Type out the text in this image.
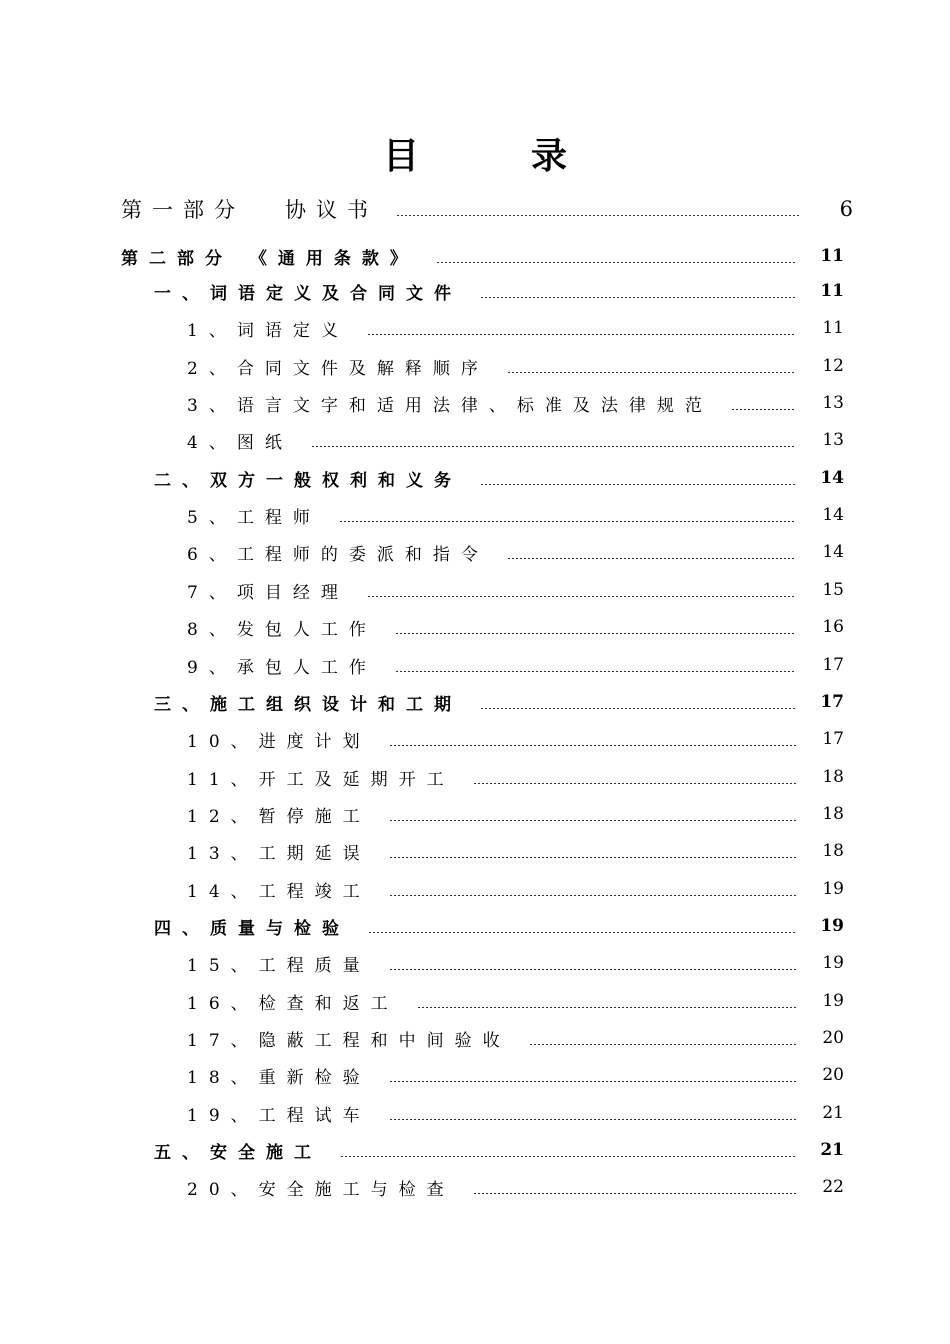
目	录
第一部分 协议书	6
第二部分 《通用条款》	11
一、词语定义及合同文件	11
1、词语定义	11
2、合同文件及解释顺序	12
3、语言文字和适用法律、标准及法律规范	13
4、图纸	13
二、双方一般权利和义务	14
5、工程师	14
6、工程师的委派和指令	14
7、项目经理	15
8、发包人工作	16
9、承包人工作	17
三、施工组织设计和工期	17
10、进度计划	17
11、开工及延期开工	18
12、暂停施工	18
13、工期延误	18
14、工程竣工	19
四、质量与检验	19
15、工程质量	19
16、检查和返工	19
17、隐蔽工程和中间验收	20
18、重新检验	20
19、工程试车	21
五、安全施工	21
20、安全施工与检查	22
